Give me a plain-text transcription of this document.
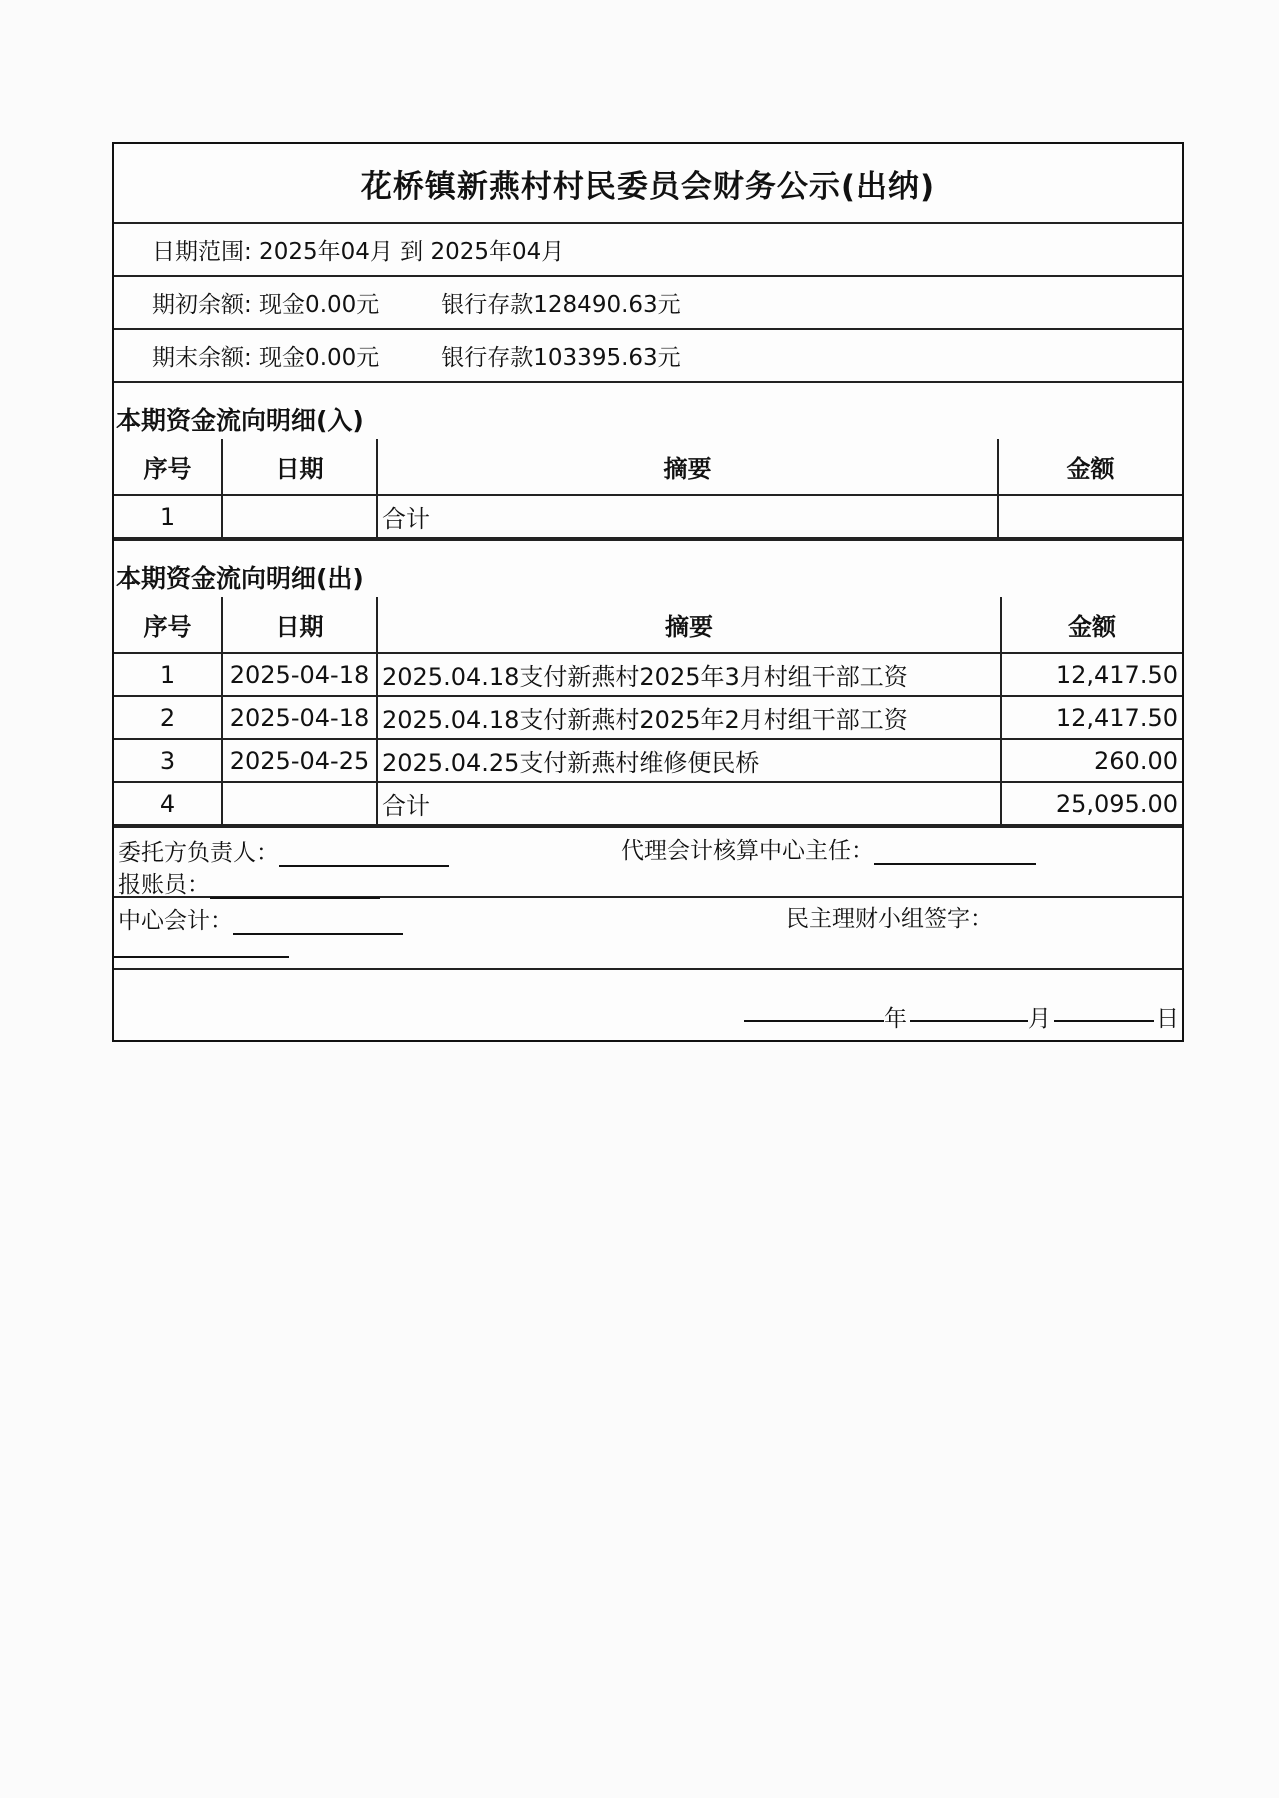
花桥镇新燕村村民委员会财务公示(出纳)
日期范围: 2025年04月 到 2025年04月
期初余额: 现金0.00元	银行存款128490.63元
期末余额: 现金0.00元	银行存款103395.63元
本期资金流向明细(入)
序号	日期	摘要	金额
1		合计	
本期资金流向明细(出)
序号	日期	摘要	金额
1	2025-04-18	2025.04.18支付新燕村2025年3月村组干部工资	12,417.50
2	2025-04-18	2025.04.18支付新燕村2025年2月村组干部工资	12,417.50
3	2025-04-25	2025.04.25支付新燕村维修便民桥	260.00
4		合计	25,095.00
委托方负责人：	代理会计核算中心主任：
报账员：
中心会计：	民主理财小组签字：
年	月	日
